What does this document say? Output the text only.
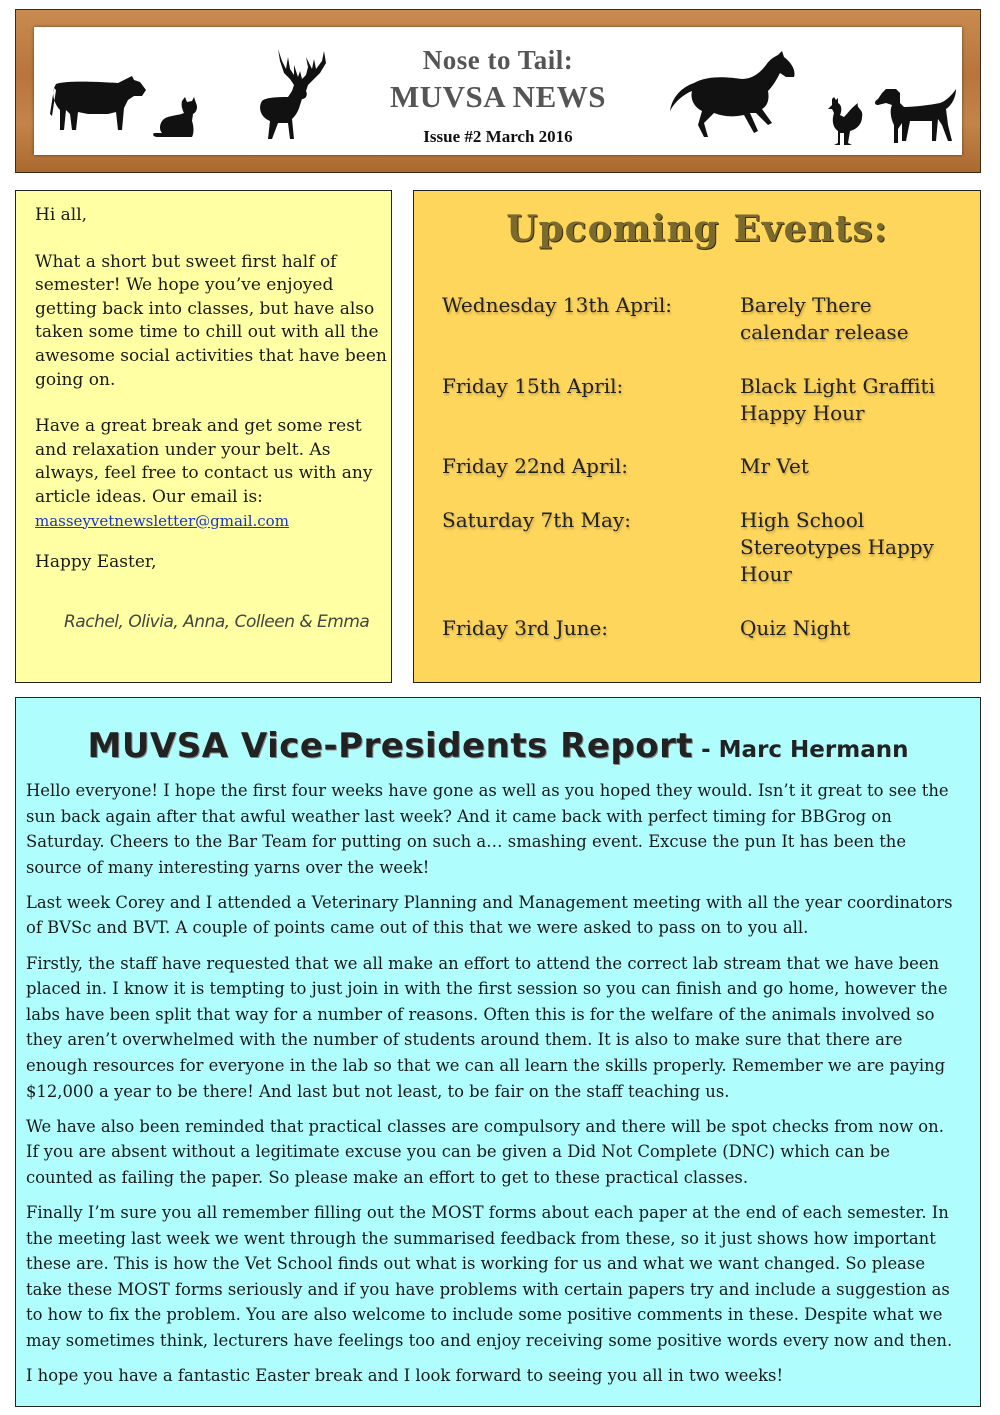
Nose to Tail:
MUVSA NEWS
Issue #2 March 2016

Hi all,

What a short but sweet first half of semester! We hope you’ve enjoyed getting back into classes, but have also taken some time to chill out with all the awesome social activities that have been going on.

Have a great break and get some rest and relaxation under your belt. As always, feel free to contact us with any article ideas. Our email is:
masseyvetnewsletter@gmail.com

Happy Easter,

Rachel, Olivia, Anna, Colleen & Emma
Upcoming Events:
Wednesday 13th April:	Barely There calendar release
Friday 15th April:	Black Light Graffiti Happy Hour
Friday 22nd April:	Mr Vet
Saturday 7th May:	High School Stereotypes Happy Hour
Friday 3rd June:	Quiz Night
MUVSA Vice-Presidents Report - Marc Hermann

Hello everyone! I hope the first four weeks have gone as well as you hoped they would. Isn’t it great to see the sun back again after that awful weather last week? And it came back with perfect timing for BBGrog on Saturday. Cheers to the Bar Team for putting on such a… smashing event. Excuse the pun It has been the source of many interesting yarns over the week!

Last week Corey and I attended a Veterinary Planning and Management meeting with all the year coordinators of BVSc and BVT. A couple of points came out of this that we were asked to pass on to you all.

Firstly, the staff have requested that we all make an effort to attend the correct lab stream that we have been placed in. I know it is tempting to just join in with the first session so you can finish and go home, however the labs have been split that way for a number of reasons. Often this is for the welfare of the animals involved so they aren’t overwhelmed with the number of students around them. It is also to make sure that there are enough resources for everyone in the lab so that we can all learn the skills properly. Remember we are paying $12,000 a year to be there! And last but not least, to be fair on the staff teaching us.

We have also been reminded that practical classes are compulsory and there will be spot checks from now on. If you are absent without a legitimate excuse you can be given a Did Not Complete (DNC) which can be counted as failing the paper. So please make an effort to get to these practical classes.

Finally I’m sure you all remember filling out the MOST forms about each paper at the end of each semester. In the meeting last week we went through the summarised feedback from these, so it just shows how important these are. This is how the Vet School finds out what is working for us and what we want changed. So please take these MOST forms seriously and if you have problems with certain papers try and include a suggestion as to how to fix the problem. You are also welcome to include some positive comments in these. Despite what we may sometimes think, lecturers have feelings too and enjoy receiving some positive words every now and then.

I hope you have a fantastic Easter break and I look forward to seeing you all in two weeks!
